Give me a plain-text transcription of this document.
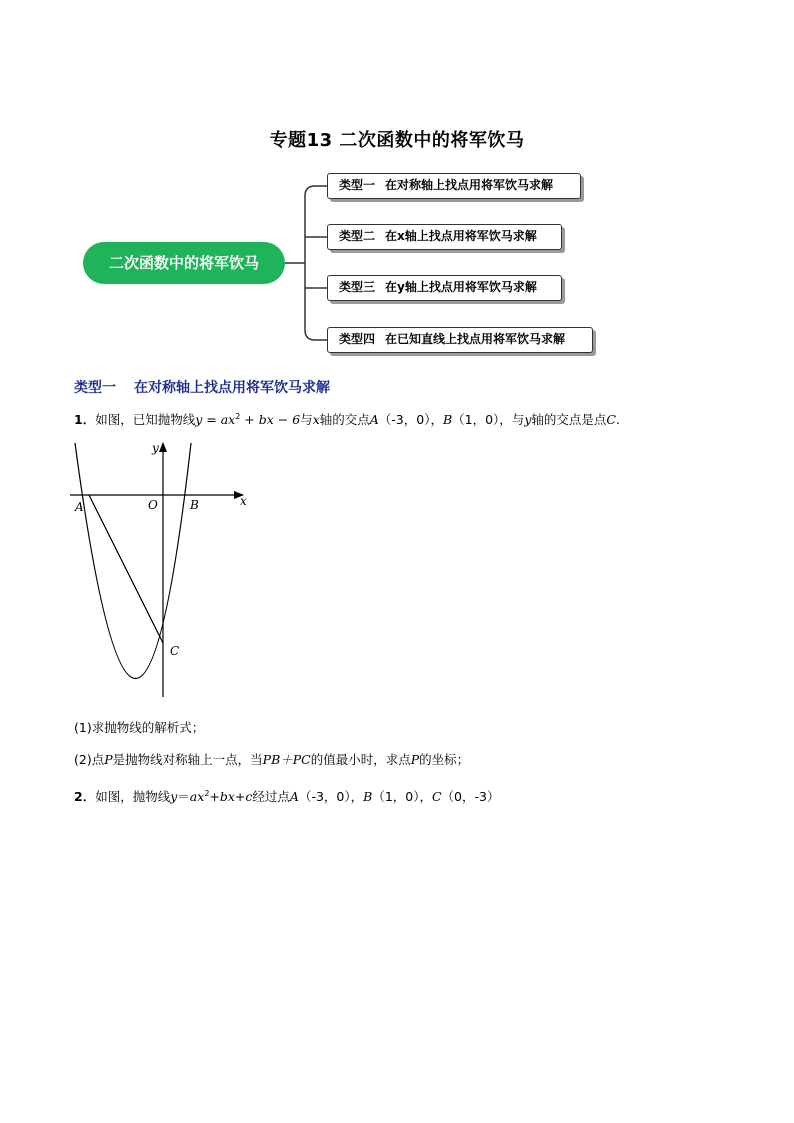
专题13 二次函数中的将军饮马
二次函数中的将军饮马
类型一 在对称轴上找点用将军饮马求解
类型二 在x轴上找点用将军饮马求解
类型三 在y轴上找点用将军饮马求解
类型四 在已知直线上找点用将军饮马求解
类型一 在对称轴上找点用将军饮马求解
1．如图，已知抛物线$y = ax^2$ + bx − 6与x轴的交点A（-3，0），B（1，0），与y轴的交点是点C.
y
x
A	O	B
C
(1)求抛物线的解析式；
(2)点P是抛物线对称轴上一点，当PB＋PC的值最小时，求点P的坐标；
2．如图，抛物线$y=ax^2+bx+c$经过点A（-3，0），B（1，0），C（0，-3）
